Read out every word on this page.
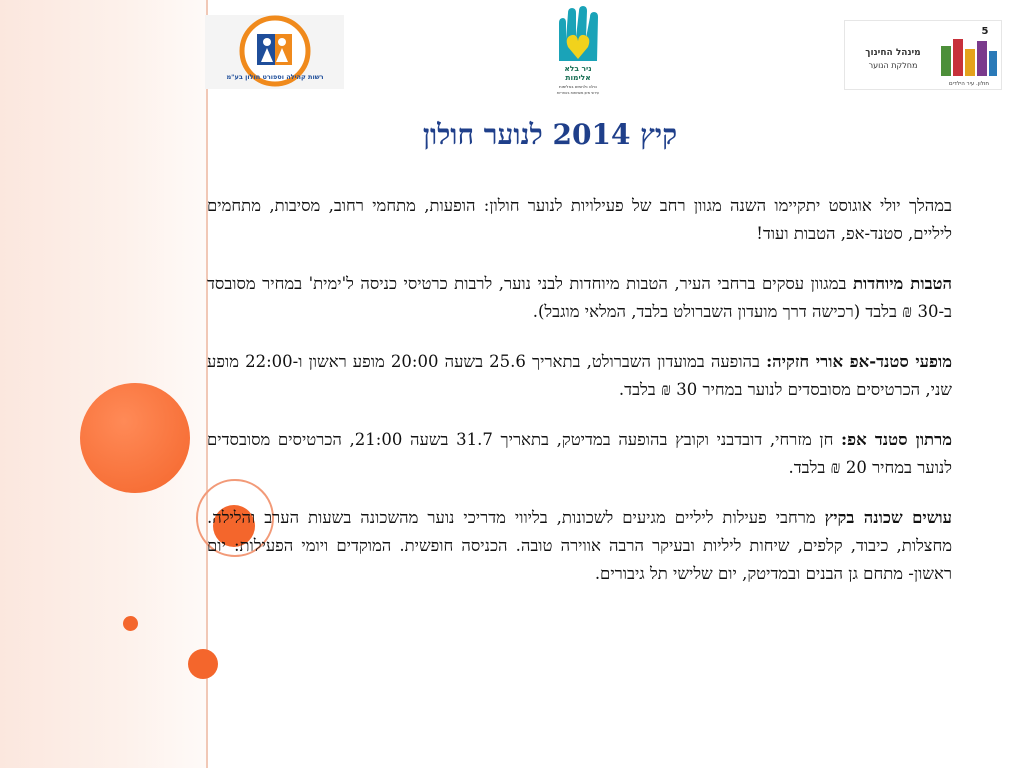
רשות קהילה וספורט חולון בע"מ
ניר בלא
אלימות
כולנו נלחמים באלימות
עירוני מזון משחתות באחריות
מינהל החינוך
מחלקת הנוער
5
חולון. עיר הילדים
קיץ 2014 לנוער חולון

במהלך יולי אוגוסט יתקיימו השנה מגוון רחב של פעילויות לנוער חולון: הופעות, מתחמי רחוב, מסיבות, מתחמים ליליים, סטנד-אפ, הטבות ועוד!

הטבות מיוחדות במגוון עסקים ברחבי העיר, הטבות מיוחדות לבני נוער, לרבות כרטיסי כניסה ל'ימית' במחיר מסובסד ב-30 ₪ בלבד (רכישה דרך מועדון השברולט בלבד, המלאי מוגבל).

מופעי סטנד-אפ אורי חזקיה: בהופעה במועדון השברולט, בתאריך 25.6 בשעה 20:00 מופע ראשון ו-22:00 מופע שני, הכרטיסים מסובסדים לנוער במחיר 30 ₪ בלבד.

מרתון סטנד אפ: חן מזרחי, דובדבני וקובץ בהופעה במדיטק, בתאריך 31.7 בשעה 21:00, הכרטיסים מסובסדים לנוער במחיר 20 ₪ בלבד.

עושים שכונה בקיץ מרחבי פעילות ליליים מגיעים לשכונות, בליווי מדריכי נוער מהשכונה בשעות הערב והלילה. מחצלות, כיבוד, קלפים, שיחות ליליות ובעיקר הרבה אווירה טובה. הכניסה חופשית. המוקדים ויומי הפעילות: יום ראשון- מתחם גן הבנים ובמדיטק, יום שלישי תל גיבורים.
